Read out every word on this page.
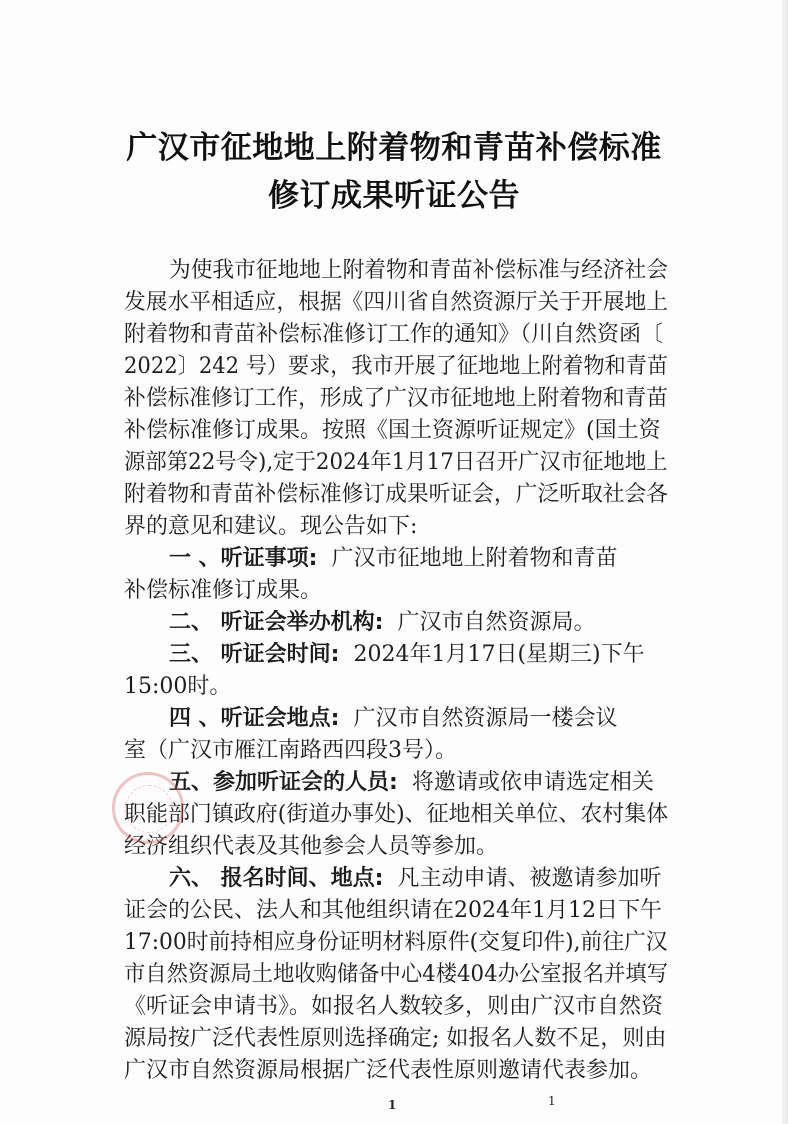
广汉市征地地上附着物和青苗补偿标准
修订成果听证公告
为使我市征地地上附着物和青苗补偿标准与经济社会
发展水平相适应，根据《四川省自然资源厅关于开展地上
附着物和青苗补偿标准修订工作的通知》（川自然资函〔
2022〕242 号）要求，我市开展了征地地上附着物和青苗
补偿标准修订工作，形成了广汉市征地地上附着物和青苗
补偿标准修订成果。按照《国土资源听证规定》(国土资
源部第22号令),定于2024年1月17日召开广汉市征地地上
附着物和青苗补偿标准修订成果听证会，广泛听取社会各
界的意见和建议。现公告如下:
一 、听证事项: 广汉市征地地上附着物和青苗
补偿标准修订成果。
二、 听证会举办机构: 广汉市自然资源局。
三、 听证会时间: 2024年1月17日(星期三)下午
15:00时。
四 、听证会地点: 广汉市自然资源局一楼会议
室（广汉市雁江南路西四段3号）。
五、参加听证会的人员: 将邀请或依申请选定相关
职能部门镇政府(街道办事处)、征地相关单位、农村集体
经济组织代表及其他参会人员等参加。
六、 报名时间、地点: 凡主动申请、被邀请参加听
证会的公民、法人和其他组织请在2024年1月12日下午
17:00时前持相应身份证明材料原件(交复印件),前往广汉
市自然资源局土地收购储备中心4楼404办公室报名并填写
《听证会申请书》。如报名人数较多，则由广汉市自然资
源局按广泛代表性原则选择确定; 如报名人数不足，则由
广汉市自然资源局根据广泛代表性原则邀请代表参加。
1	1
